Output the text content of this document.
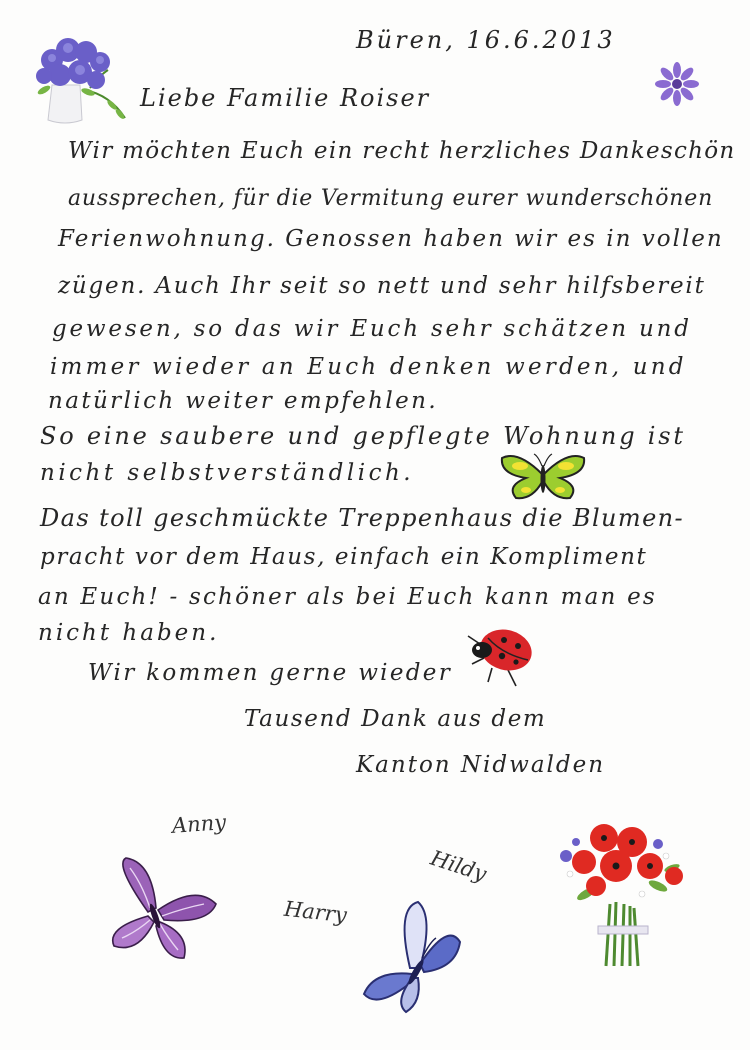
Büren, 16.6.2013
Liebe Familie Roiser
Wir möchten Euch ein recht herzliches Dankeschön
aussprechen, für die Vermitung eurer wunderschönen
Ferienwohnung. Genossen haben wir es in vollen
zügen. Auch Ihr seit so nett und sehr hilfsbereit
gewesen, so das wir Euch sehr schätzen und
immer wieder an Euch denken werden, und
natürlich weiter empfehlen.
So eine saubere und gepflegte Wohnung ist
nicht selbstverständlich.
Das toll geschmückte Treppenhaus die Blumen-
pracht vor dem Haus, einfach ein Kompliment
an Euch! - schöner als bei Euch kann man es
nicht haben.
Wir kommen gerne wieder
Tausend Dank aus dem
Kanton Nidwalden
Anny
Harry
Hildy
